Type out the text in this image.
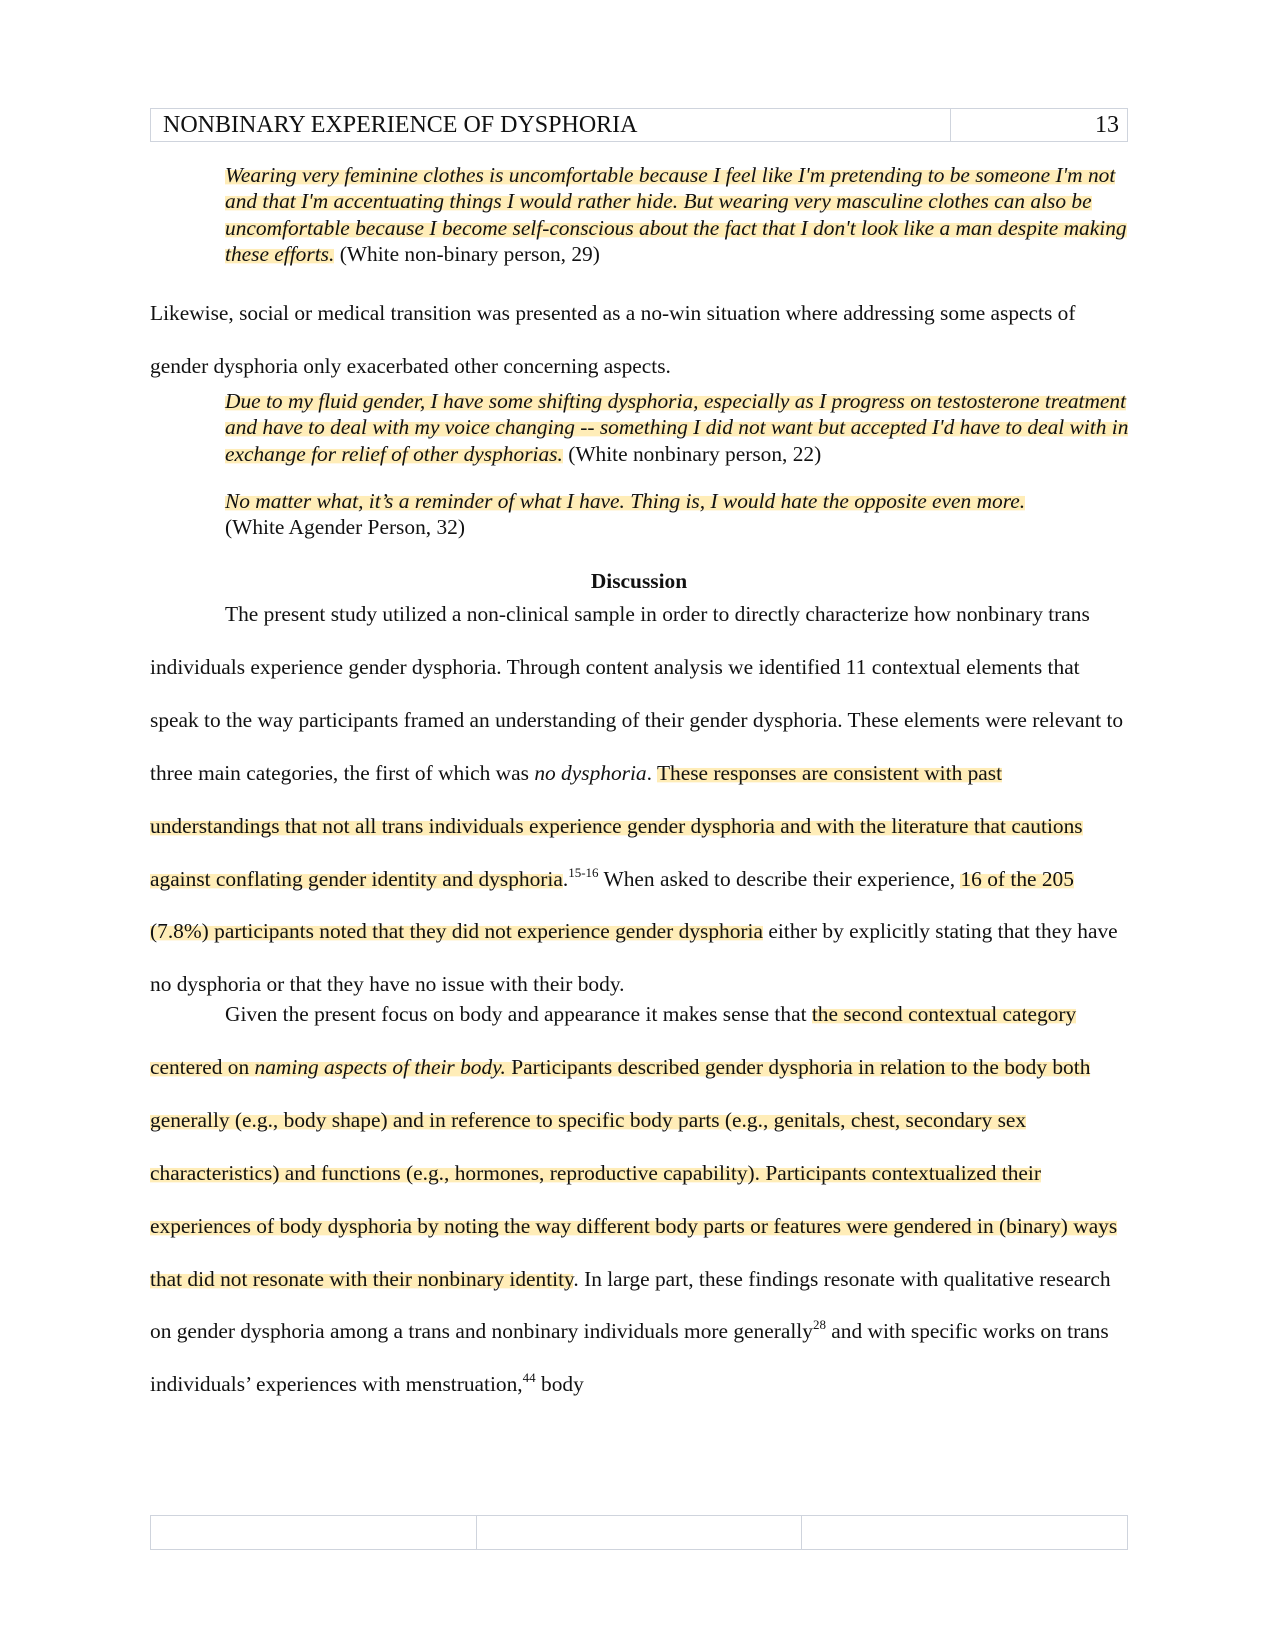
NONBINARY EXPERIENCE OF DYSPHORIA	13

Wearing very feminine clothes is uncomfortable because I feel like I'm pretending to be someone I'm not and that I'm accentuating things I would rather hide. But wearing very masculine clothes can also be uncomfortable because I become self-conscious about the fact that I don't look like a man despite making these efforts. (White non-binary person, 29)

Likewise, social or medical transition was presented as a no-win situation where addressing some aspects of gender dysphoria only exacerbated other concerning aspects.

Due to my fluid gender, I have some shifting dysphoria, especially as I progress on testosterone treatment and have to deal with my voice changing -- something I did not want but accepted I'd have to deal with in exchange for relief of other dysphorias. (White nonbinary person, 22)

No matter what, it’s a reminder of what I have. Thing is, I would hate the opposite even more.
(White Agender Person, 32)

Discussion

The present study utilized a non-clinical sample in order to directly characterize how nonbinary trans individuals experience gender dysphoria. Through content analysis we identified 11 contextual elements that speak to the way participants framed an understanding of their gender dysphoria. These elements were relevant to three main categories, the first of which was no dysphoria. These responses are consistent with past understandings that not all trans individuals experience gender dysphoria and with the literature that cautions against conflating gender identity and dysphoria.$^{15-16}$ When asked to describe their experience, 16 of the 205 (7.8%) participants noted that they did not experience gender dysphoria either by explicitly stating that they have no dysphoria or that they have no issue with their body.

Given the present focus on body and appearance it makes sense that the second contextual category centered on naming aspects of their body. Participants described gender dysphoria in relation to the body both generally (e.g., body shape) and in reference to specific body parts (e.g., genitals, chest, secondary sex characteristics) and functions (e.g., hormones, reproductive capability). Participants contextualized their experiences of body dysphoria by noting the way different body parts or features were gendered in (binary) ways that did not resonate with their nonbinary identity. In large part, these findings resonate with qualitative research on gender dysphoria among a trans and nonbinary individuals more generally$^{28}$ and with specific works on trans individuals’ experiences with menstruation,$^{44}$ body
